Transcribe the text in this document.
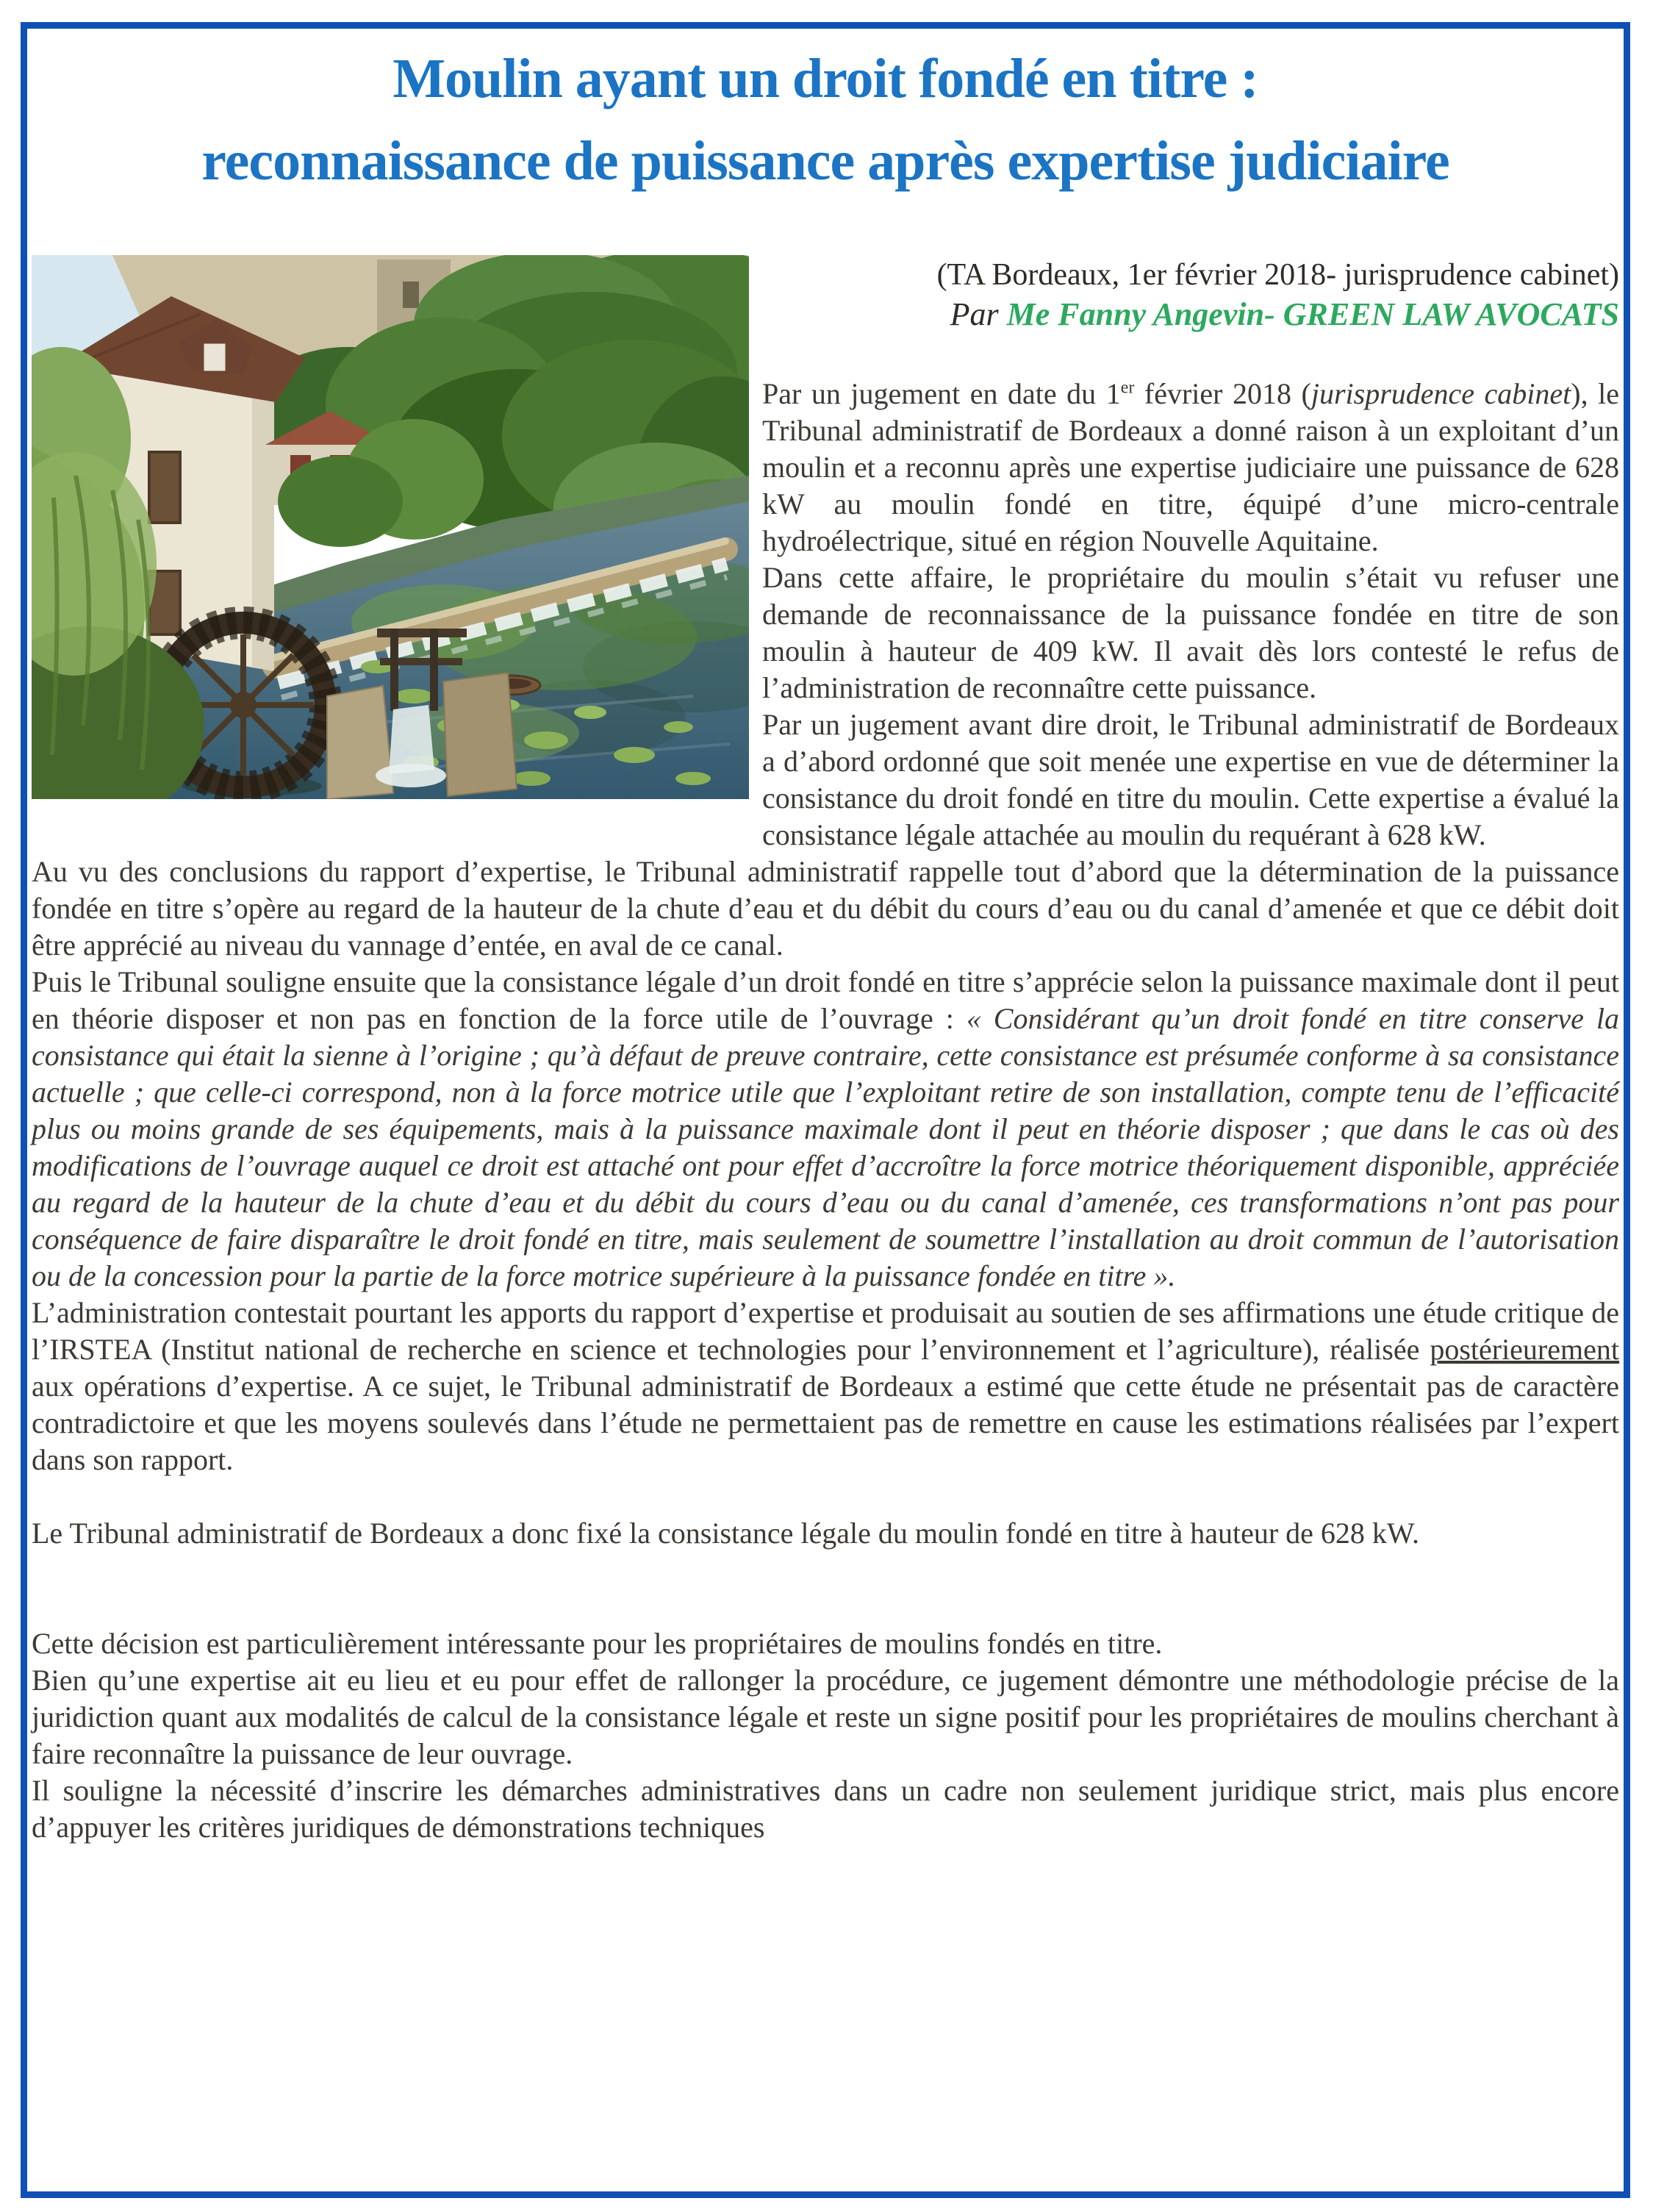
Moulin ayant un droit fondé en titre :
reconnaissance de puissance après expertise judiciaire
(TA Bordeaux, 1er février 2018- jurisprudence cabinet)
Par Me Fanny Angevin- GREEN LAW AVOCATS

Par un jugement en date du 1er février 2018 (jurisprudence cabinet), le Tribunal administratif de Bordeaux a donné raison à un exploitant d’un moulin et a reconnu après une expertise judiciaire une puissance de 628 kW au moulin fondé en titre, équipé d’une micro-centrale hydroélectrique, situé en région Nouvelle Aquitaine.

Dans cette affaire, le propriétaire du moulin s’était vu refuser une demande de reconnaissance de la puissance fondée en titre de son moulin à hauteur de 409 kW. Il avait dès lors contesté le refus de l’administration de reconnaître cette puissance.

Par un jugement avant dire droit, le Tribunal administratif de Bordeaux a d’abord ordonné que soit menée une expertise en vue de déterminer la consistance du droit fondé en titre du moulin. Cette expertise a évalué la consistance légale attachée au moulin du requérant à 628 kW.

Au vu des conclusions du rapport d’expertise, le Tribunal administratif rappelle tout d’abord que la détermination de la puissance fondée en titre s’opère au regard de la hauteur de la chute d’eau et du débit du cours d’eau ou du canal d’amenée et que ce débit doit être apprécié au niveau du vannage d’entée, en aval de ce canal.

Puis le Tribunal souligne ensuite que la consistance légale d’un droit fondé en titre s’apprécie selon la puissance maximale dont il peut en théorie disposer et non pas en fonction de la force utile de l’ouvrage : « Considérant qu’un droit fondé en titre conserve la consistance qui était la sienne à l’origine ; qu’à défaut de preuve contraire, cette consistance est présumée conforme à sa consistance actuelle ; que celle-ci correspond, non à la force motrice utile que l’exploitant retire de son installation, compte tenu de l’efficacité plus ou moins grande de ses équipements, mais à la puissance maximale dont il peut en théorie disposer ; que dans le cas où des modifications de l’ouvrage auquel ce droit est attaché ont pour effet d’accroître la force motrice théoriquement disponible, appréciée au regard de la hauteur de la chute d’eau et du débit du cours d’eau ou du canal d’amenée, ces transformations n’ont pas pour conséquence de faire disparaître le droit fondé en titre, mais seulement de soumettre l’installation au droit commun de l’autorisation ou de la concession pour la partie de la force motrice supérieure à la puissance fondée en titre ».

L’administration contestait pourtant les apports du rapport d’expertise et produisait au soutien de ses affirmations une étude critique de l’IRSTEA (Institut national de recherche en science et technologies pour l’environnement et l’agriculture), réalisée postérieurement aux opérations d’expertise. A ce sujet, le Tribunal administratif de Bordeaux a estimé que cette étude ne présentait pas de caractère contradictoire et que les moyens soulevés dans l’étude ne permettaient pas de remettre en cause les estimations réalisées par l’expert dans son rapport.

Le Tribunal administratif de Bordeaux a donc fixé la consistance légale du moulin fondé en titre à hauteur de 628 kW.

Cette décision est particulièrement intéressante pour les propriétaires de moulins fondés en titre.

Bien qu’une expertise ait eu lieu et eu pour effet de rallonger la procédure, ce jugement démontre une méthodologie précise de la juridiction quant aux modalités de calcul de la consistance légale et reste un signe positif pour les propriétaires de moulins cherchant à faire reconnaître la puissance de leur ouvrage.

Il souligne la nécessité d’inscrire les démarches administratives dans un cadre non seulement juridique strict, mais plus encore d’appuyer les critères juridiques de démonstrations techniques
